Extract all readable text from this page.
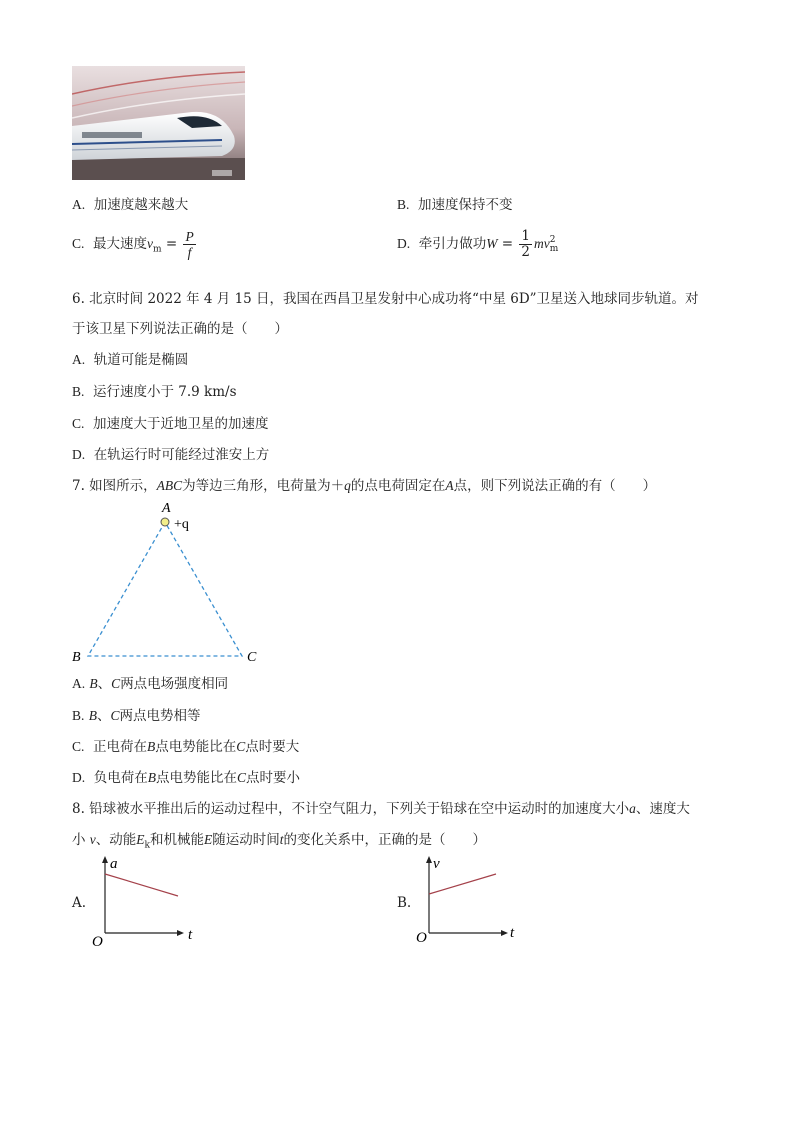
A. 加速度越来越大	B. 加速度保持不变
C. 最大速度$v_m = \frac{P}{f}$	D. 牵引力做功$W = \frac{1}{2}$ mv 2
m
6. 北京时间 2022 年 4 月 15 日，我国在西昌卫星发射中心成功将“中星 6D”卫星送入地球同步轨道。对
于该卫星下列说法正确的是（　　）
A. 轨道可能是椭圆
B. 运行速度小于 7.9 km/s
C. 加速度大于近地卫星的加速度
D. 在轨运行时可能经过淮安上方
7. 如图所示，ABC为等边三角形，电荷量为＋q的点电荷固定在A点，则下列说法正确的有（　　）
A
+q
B	C
A. B、C两点电场强度相同
B. B、C两点电势相等
C. 正电荷在B点电势能比在C点时要大
D. 负电荷在B点电势能比在C点时要小
8. 铅球被水平推出后的运动过程中，不计空气阻力，下列关于铅球在空中运动时的加速度大小a、速度大
小 v、动能$E_k$和机械能E随运动时间t的变化关系中，正确的是（　　）
A.
a
t
O
B.
v
t
O
